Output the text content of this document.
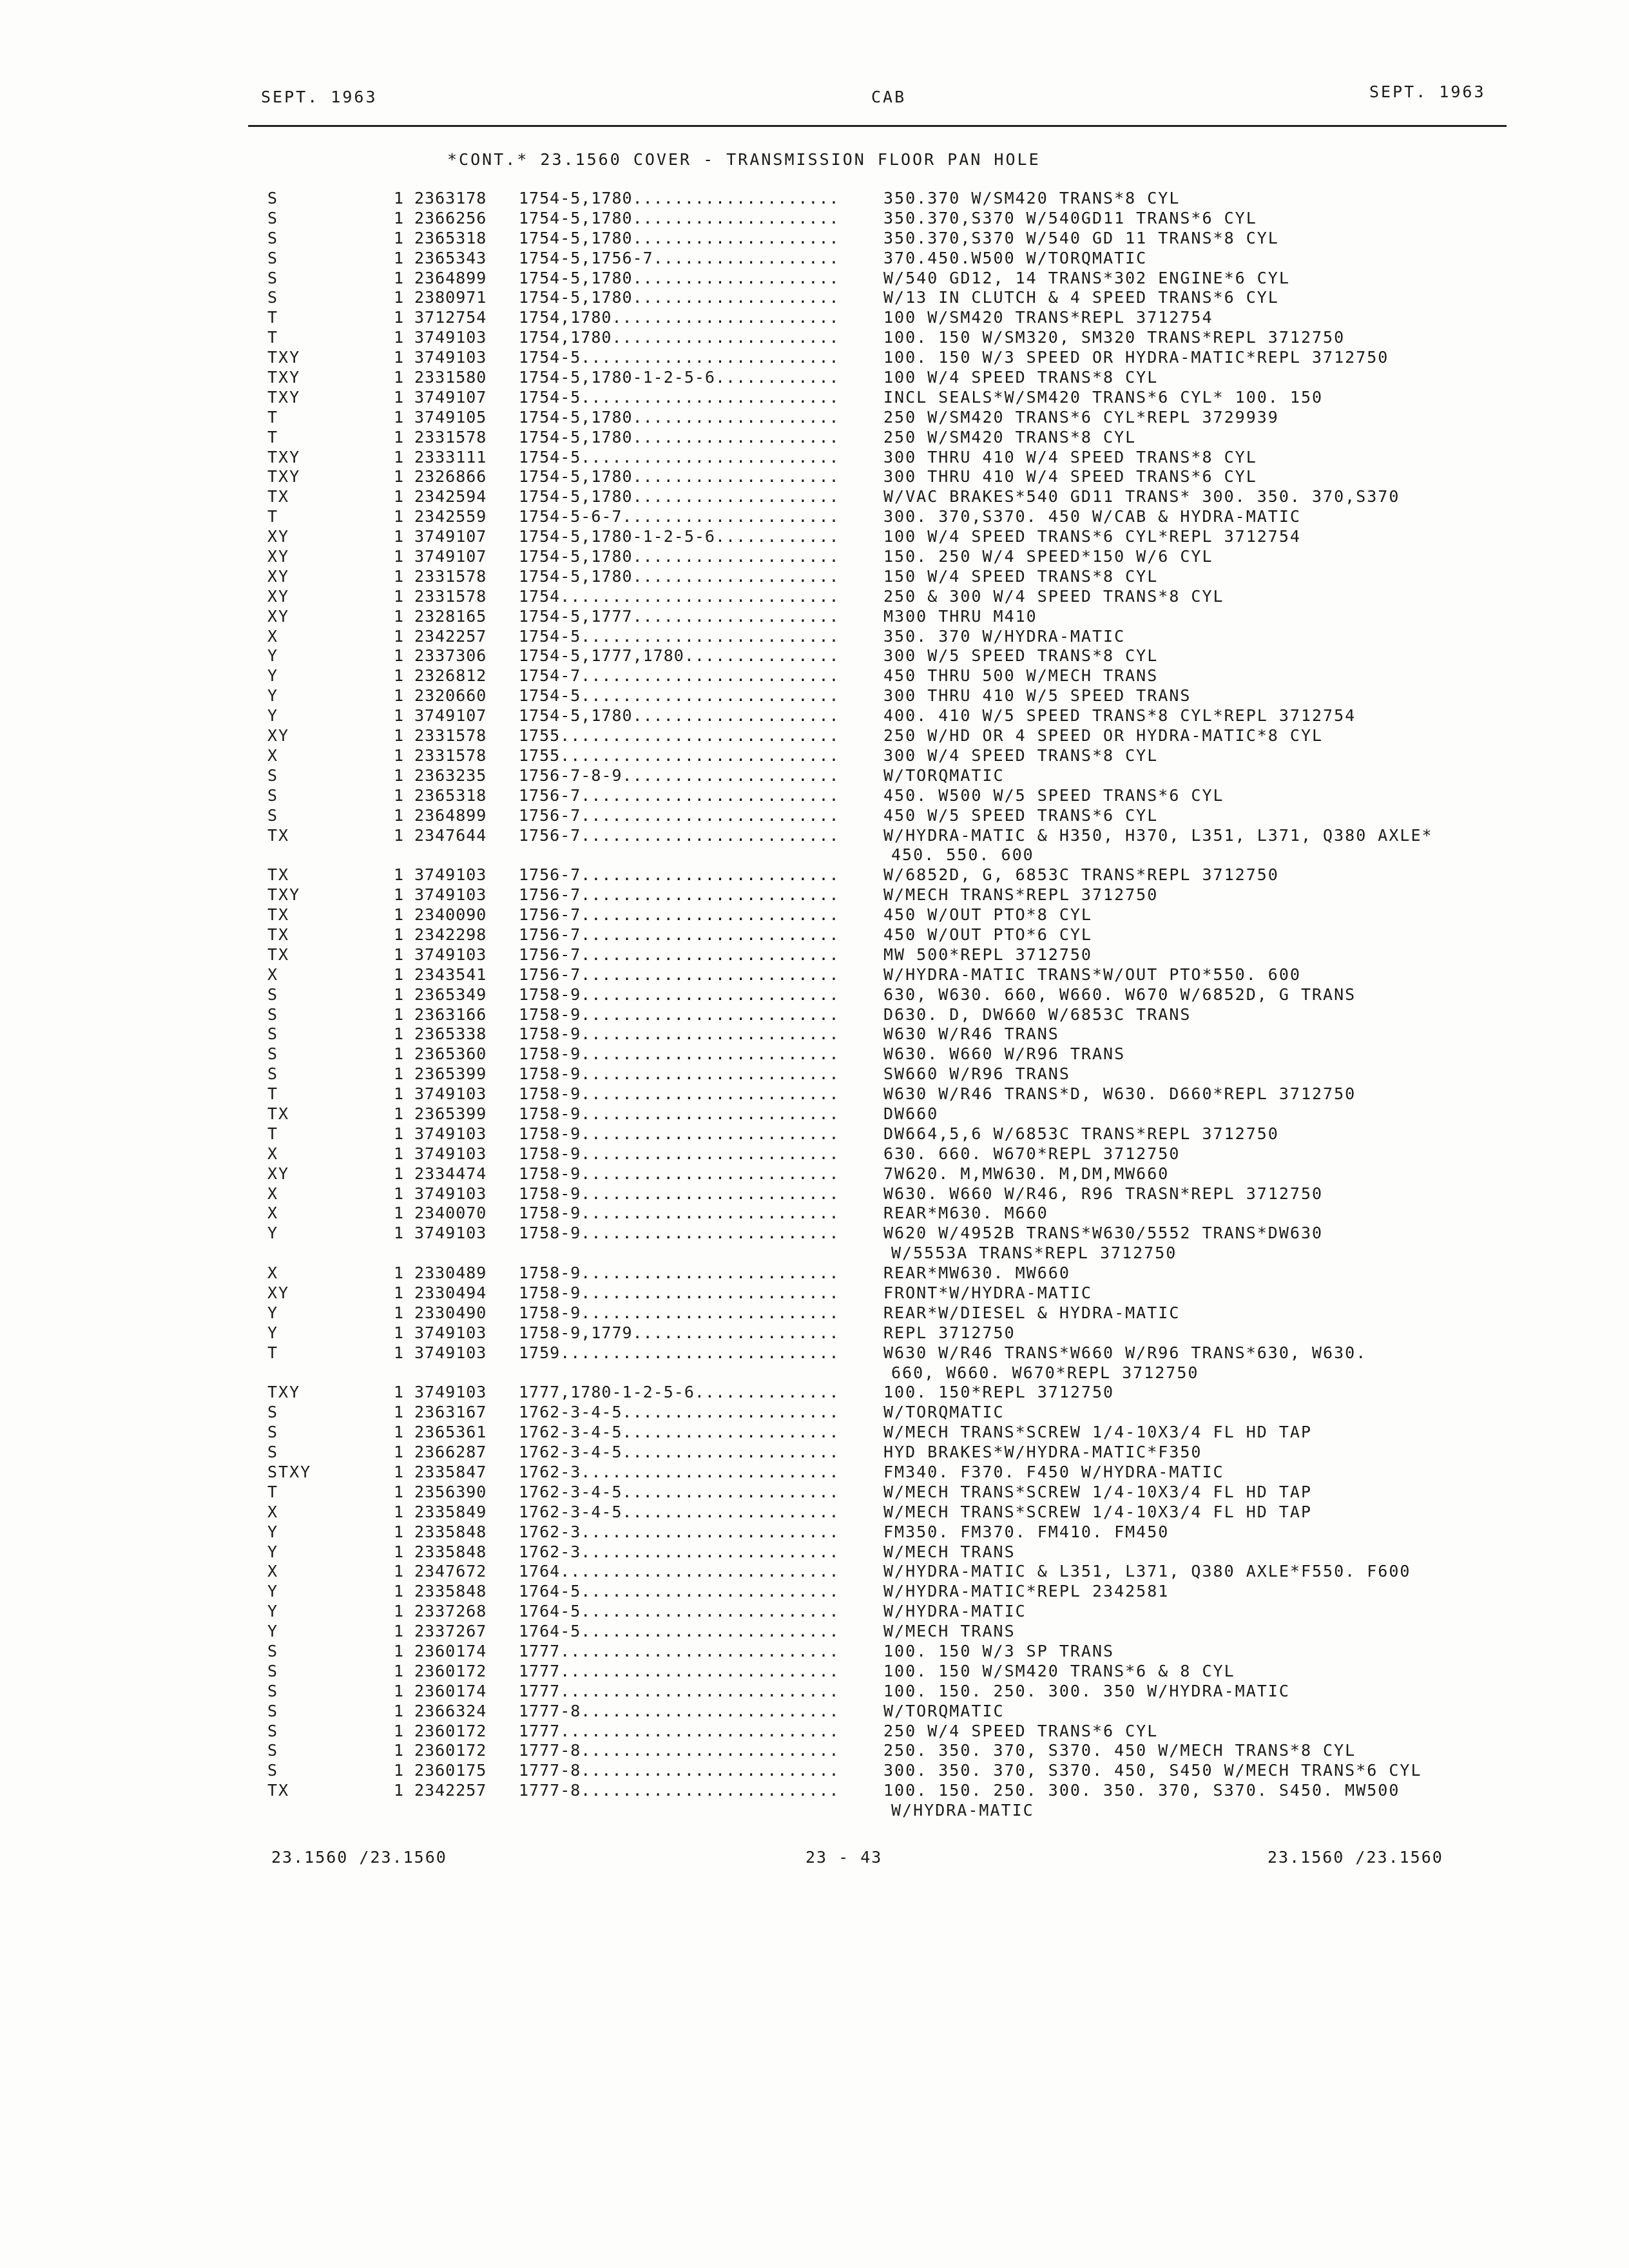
SEPT. 1963	CAB	SEPT. 1963
*CONT.* 23.1560 COVER - TRANSMISSION FLOOR PAN HOLE
S	1 2363178 1754-5,1780....................	350.370 W/SM420 TRANS*8 CYL
S	1 2366256 1754-5,1780....................	350.370,S370 W/540GD11 TRANS*6 CYL
S	1 2365318 1754-5,1780....................	350.370,S370 W/540 GD 11 TRANS*8 CYL
S	1 2365343 1754-5,1756-7..................	370.450.W500 W/TORQMATIC
S	1 2364899 1754-5,1780....................	W/540 GD12, 14 TRANS*302 ENGINE*6 CYL
S	1 2380971 1754-5,1780....................	W/13 IN CLUTCH & 4 SPEED TRANS*6 CYL
T	1 3712754 1754,1780......................	100 W/SM420 TRANS*REPL 3712754
T	1 3749103 1754,1780......................	100. 150 W/SM320, SM320 TRANS*REPL 3712750
TXY	1 3749103 1754-5.........................	100. 150 W/3 SPEED OR HYDRA-MATIC*REPL 3712750
TXY	1 2331580 1754-5,1780-1-2-5-6............	100 W/4 SPEED TRANS*8 CYL
TXY	1 3749107 1754-5.........................	INCL SEALS*W/SM420 TRANS*6 CYL* 100. 150
T	1 3749105 1754-5,1780....................	250 W/SM420 TRANS*6 CYL*REPL 3729939
T	1 2331578 1754-5,1780....................	250 W/SM420 TRANS*8 CYL
TXY	1 2333111 1754-5.........................	300 THRU 410 W/4 SPEED TRANS*8 CYL
TXY	1 2326866 1754-5,1780....................	300 THRU 410 W/4 SPEED TRANS*6 CYL
TX	1 2342594 1754-5,1780....................	W/VAC BRAKES*540 GD11 TRANS* 300. 350. 370,S370
T	1 2342559 1754-5-6-7.....................	300. 370,S370. 450 W/CAB & HYDRA-MATIC
XY	1 3749107 1754-5,1780-1-2-5-6............	100 W/4 SPEED TRANS*6 CYL*REPL 3712754
XY	1 3749107 1754-5,1780....................	150. 250 W/4 SPEED*150 W/6 CYL
XY	1 2331578 1754-5,1780....................	150 W/4 SPEED TRANS*8 CYL
XY	1 2331578 1754...........................	250 & 300 W/4 SPEED TRANS*8 CYL
XY	1 2328165 1754-5,1777....................	M300 THRU M410
X	1 2342257 1754-5.........................	350. 370 W/HYDRA-MATIC
Y	1 2337306 1754-5,1777,1780...............	300 W/5 SPEED TRANS*8 CYL
Y	1 2326812 1754-7.........................	450 THRU 500 W/MECH TRANS
Y	1 2320660 1754-5.........................	300 THRU 410 W/5 SPEED TRANS
Y	1 3749107 1754-5,1780....................	400. 410 W/5 SPEED TRANS*8 CYL*REPL 3712754
XY	1 2331578 1755...........................	250 W/HD OR 4 SPEED OR HYDRA-MATIC*8 CYL
X	1 2331578 1755...........................	300 W/4 SPEED TRANS*8 CYL
S	1 2363235 1756-7-8-9.....................	W/TORQMATIC
S	1 2365318 1756-7.........................	450. W500 W/5 SPEED TRANS*6 CYL
S	1 2364899 1756-7.........................	450 W/5 SPEED TRANS*6 CYL
TX	1 2347644 1756-7.........................	W/HYDRA-MATIC & H350, H370, L351, L371, Q380 AXLE*
450. 550. 600
TX	1 3749103 1756-7.........................	W/6852D, G, 6853C TRANS*REPL 3712750
TXY	1 3749103 1756-7.........................	W/MECH TRANS*REPL 3712750
TX	1 2340090 1756-7.........................	450 W/OUT PTO*8 CYL
TX	1 2342298 1756-7.........................	450 W/OUT PTO*6 CYL
TX	1 3749103 1756-7.........................	MW 500*REPL 3712750
X	1 2343541 1756-7.........................	W/HYDRA-MATIC TRANS*W/OUT PTO*550. 600
S	1 2365349 1758-9.........................	630, W630. 660, W660. W670 W/6852D, G TRANS
S	1 2363166 1758-9.........................	D630. D, DW660 W/6853C TRANS
S	1 2365338 1758-9.........................	W630 W/R46 TRANS
S	1 2365360 1758-9.........................	W630. W660 W/R96 TRANS
S	1 2365399 1758-9.........................	SW660 W/R96 TRANS
T	1 3749103 1758-9.........................	W630 W/R46 TRANS*D, W630. D660*REPL 3712750
TX	1 2365399 1758-9.........................	DW660
T	1 3749103 1758-9.........................	DW664,5,6 W/6853C TRANS*REPL 3712750
X	1 3749103 1758-9.........................	630. 660. W670*REPL 3712750
XY	1 2334474 1758-9.........................	7W620. M,MW630. M,DM,MW660
X	1 3749103 1758-9.........................	W630. W660 W/R46, R96 TRASN*REPL 3712750
X	1 2340070 1758-9.........................	REAR*M630. M660
Y	1 3749103 1758-9.........................	W620 W/4952B TRANS*W630/5552 TRANS*DW630
W/5553A TRANS*REPL 3712750
X	1 2330489 1758-9.........................	REAR*MW630. MW660
XY	1 2330494 1758-9.........................	FRONT*W/HYDRA-MATIC
Y	1 2330490 1758-9.........................	REAR*W/DIESEL & HYDRA-MATIC
Y	1 3749103 1758-9,1779....................	REPL 3712750
T	1 3749103 1759...........................	W630 W/R46 TRANS*W660 W/R96 TRANS*630, W630.
660, W660. W670*REPL 3712750
TXY	1 3749103 1777,1780-1-2-5-6..............	100. 150*REPL 3712750
S	1 2363167 1762-3-4-5.....................	W/TORQMATIC
S	1 2365361 1762-3-4-5.....................	W/MECH TRANS*SCREW 1/4-10X3/4 FL HD TAP
S	1 2366287 1762-3-4-5.....................	HYD BRAKES*W/HYDRA-MATIC*F350
STXY	1 2335847 1762-3.........................	FM340. F370. F450 W/HYDRA-MATIC
T	1 2356390 1762-3-4-5.....................	W/MECH TRANS*SCREW 1/4-10X3/4 FL HD TAP
X	1 2335849 1762-3-4-5.....................	W/MECH TRANS*SCREW 1/4-10X3/4 FL HD TAP
Y	1 2335848 1762-3.........................	FM350. FM370. FM410. FM450
Y	1 2335848 1762-3.........................	W/MECH TRANS
X	1 2347672 1764...........................	W/HYDRA-MATIC & L351, L371, Q380 AXLE*F550. F600
Y	1 2335848 1764-5.........................	W/HYDRA-MATIC*REPL 2342581
Y	1 2337268 1764-5.........................	W/HYDRA-MATIC
Y	1 2337267 1764-5.........................	W/MECH TRANS
S	1 2360174 1777...........................	100. 150 W/3 SP TRANS
S	1 2360172 1777...........................	100. 150 W/SM420 TRANS*6 & 8 CYL
S	1 2360174 1777...........................	100. 150. 250. 300. 350 W/HYDRA-MATIC
S	1 2366324 1777-8.........................	W/TORQMATIC
S	1 2360172 1777...........................	250 W/4 SPEED TRANS*6 CYL
S	1 2360172 1777-8.........................	250. 350. 370, S370. 450 W/MECH TRANS*8 CYL
S	1 2360175 1777-8.........................	300. 350. 370, S370. 450, S450 W/MECH TRANS*6 CYL
TX	1 2342257 1777-8.........................	100. 150. 250. 300. 350. 370, S370. S450. MW500
W/HYDRA-MATIC
23.1560 /23.1560	23 - 43	23.1560 /23.1560
